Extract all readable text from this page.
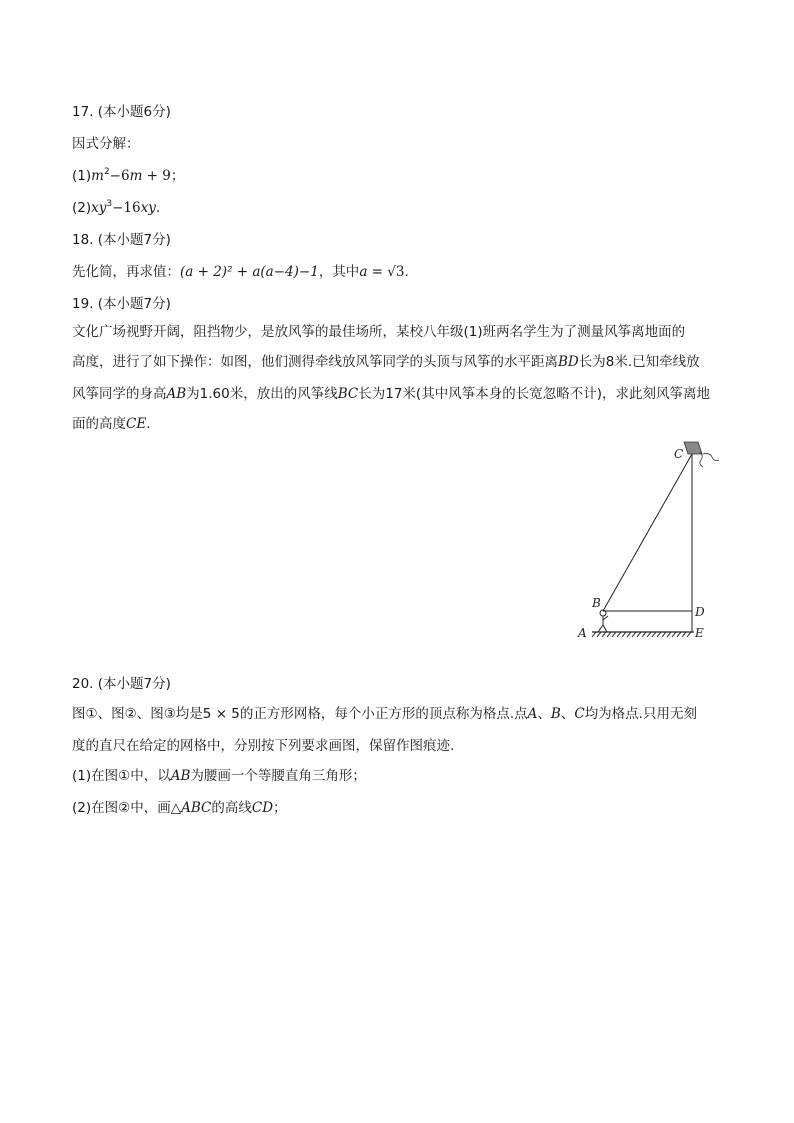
17. (本小题6分)
因式分解：
$(1)m^2-6m + 9$；
$(2)xy^3-16xy$.
18. (本小题7分)
先化简，再求值：(a + 2)² + a(a−4)−1，其中a = √3.
19. (本小题7分)
文化广场视野开阔，阻挡物少，是放风筝的最佳场所，某校八年级(1)班两名学生为了测量风筝离地面的
高度，进行了如下操作：如图，他们测得牵线放风筝同学的头顶与风筝的水平距离BD长为8米.已知牵线放
风筝同学的身高AB为1.60米，放出的风筝线BC长为17米(其中风筝本身的长宽忽略不计)，求此刻风筝离地
面的高度CE.
C
B
D
A	E
20. (本小题7分)
图①、图②、图③均是5 × 5的正方形网格，每个小正方形的顶点称为格点.点A、B、C均为格点.只用无刻
度的直尺在给定的网格中，分别按下列要求画图，保留作图痕迹.
(1)在图①中，以AB为腰画一个等腰直角三角形；
(2)在图②中，画△ABC的高线CD；
